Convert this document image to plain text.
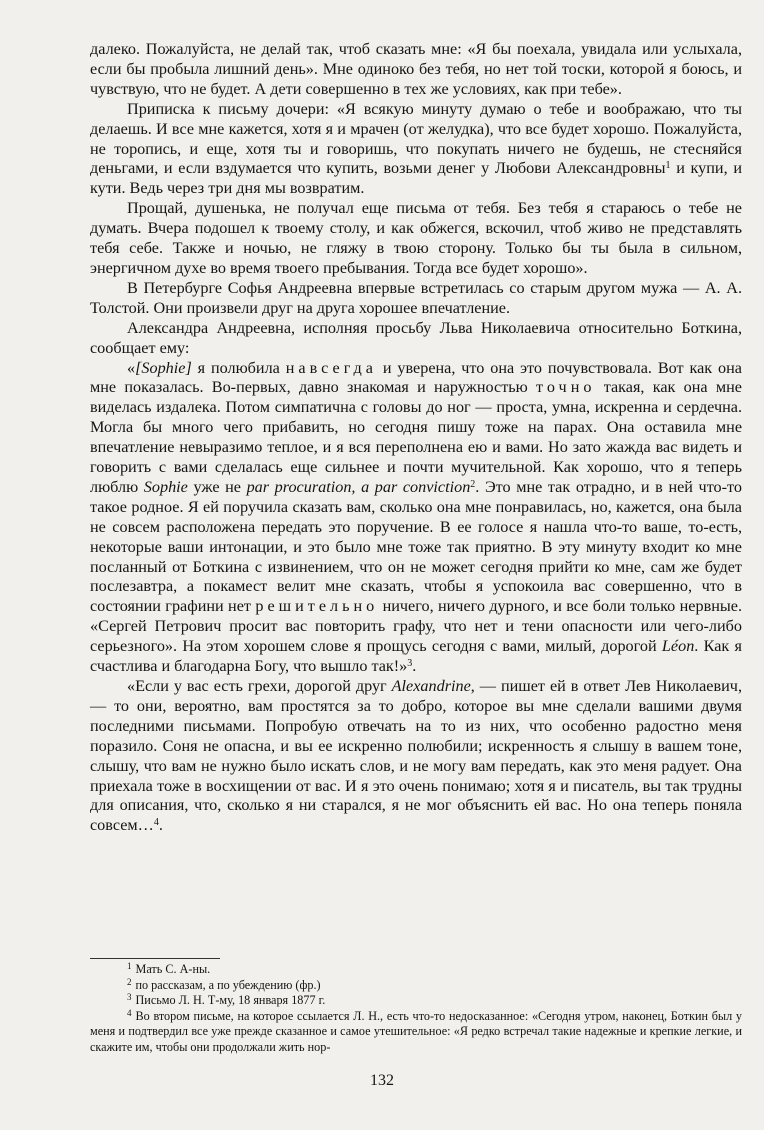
далеко. Пожалуйста, не делай так, чтоб сказать мне: «Я бы поехала, увидала или услыхала, если бы пробыла лишний день». Мне одиноко без тебя, но нет той тоски, которой я боюсь, и чувствую, что не будет. А дети совершенно в тех же условиях, как при тебе».

Приписка к письму дочери: «Я всякую минуту думаю о тебе и воображаю, что ты делаешь. И все мне кажется, хотя я и мрачен (от желудка), что все будет хорошо. Пожалуйста, не торопись, и еще, хотя ты и говоришь, что покупать ничего не будешь, не стесняйся деньгами, и если вздумается что купить, возьми денег у Любови Александровны$^1$ и купи, и кути. Ведь через три дня мы возвратим.

Прощай, душенька, не получал еще письма от тебя. Без тебя я стараюсь о тебе не думать. Вчера подошел к твоему столу, и как обжегся, вскочил, чтоб живо не представлять тебя себе. Также и ночью, не гляжу в твою сторону. Только бы ты была в сильном, энергичном духе во время твоего пребывания. Тогда все будет хорошо».

В Петербурге Софья Андреевна впервые встретилась со старым другом мужа — А. А. Толстой. Они произвели друг на друга хорошее впечатление.

Александра Андреевна, исполняя просьбу Льва Николаевича относительно Боткина, сообщает ему:

«[Sophie] я полюбила навсегда и уверена, что она это почувствовала. Вот как она мне показалась. Во-первых, давно знакомая и наружностью точно такая, как она мне виделась издалека. Потом симпатична с головы до ног — проста, умна, искренна и сердечна. Могла бы много чего прибавить, но сегодня пишу тоже на парах. Она оставила мне впечатление невыразимо теплое, и я вся переполнена ею и вами. Но зато жажда вас видеть и говорить с вами сделалась еще сильнее и почти мучительной. Как хорошо, что я теперь люблю Sophie уже не par procuration, a par conviction$^2$. Это мне так отрадно, и в ней что-то такое родное. Я ей поручила сказать вам, сколько она мне понравилась, но, кажется, она была не совсем расположена передать это поручение. В ее голосе я нашла что-то ваше, то-есть, некоторые ваши интонации, и это было мне тоже так приятно. В эту минуту входит ко мне посланный от Боткина с извинением, что он не может сегодня прийти ко мне, сам же будет послезавтра, а покамест велит мне сказать, чтобы я успокоила вас совершенно, что в состоянии графини нет решительно ничего, ничего дурного, и все боли только нервные. «Сергей Петрович просит вас повторить графу, что нет и тени опасности или чего-либо серьезного». На этом хорошем слове я прощусь сегодня с вами, милый, дорогой Léon. Как я счастлива и благодарна Богу, что вышло так!»$^3$.

«Если у вас есть грехи, дорогой друг Alexandrine, — пишет ей в ответ Лев Николаевич, — то они, вероятно, вам простятся за то добро, которое вы мне сделали вашими двумя последними письмами. Попробую отвечать на то из них, что особенно радостно меня поразило. Соня не опасна, и вы ее искренно полюбили; искренность я слышу в вашем тоне, слышу, что вам не нужно было искать слов, и не могу вам передать, как это меня радует. Она приехала тоже в восхищении от вас. И я это очень понимаю; хотя я и писатель, вы так трудны для описания, что, сколько я ни старался, я не мог объяснить ей вас. Но она теперь поняла совсем…$^4$.

$^1$ Мать С. А-ны.

$^2$ по рассказам, а по убеждению (фр.)

$^3$ Письмо Л. Н. Т-му, 18 января 1877 г.

$^4$ Во втором письме, на которое ссылается Л. Н., есть что-то недосказанное: «Сегодня утром, наконец, Боткин был у меня и подтвердил все уже прежде сказанное и самое утешительное: «Я редко встречал такие надежные и крепкие легкие, и скажите им, чтобы они продолжали жить нор-

132
